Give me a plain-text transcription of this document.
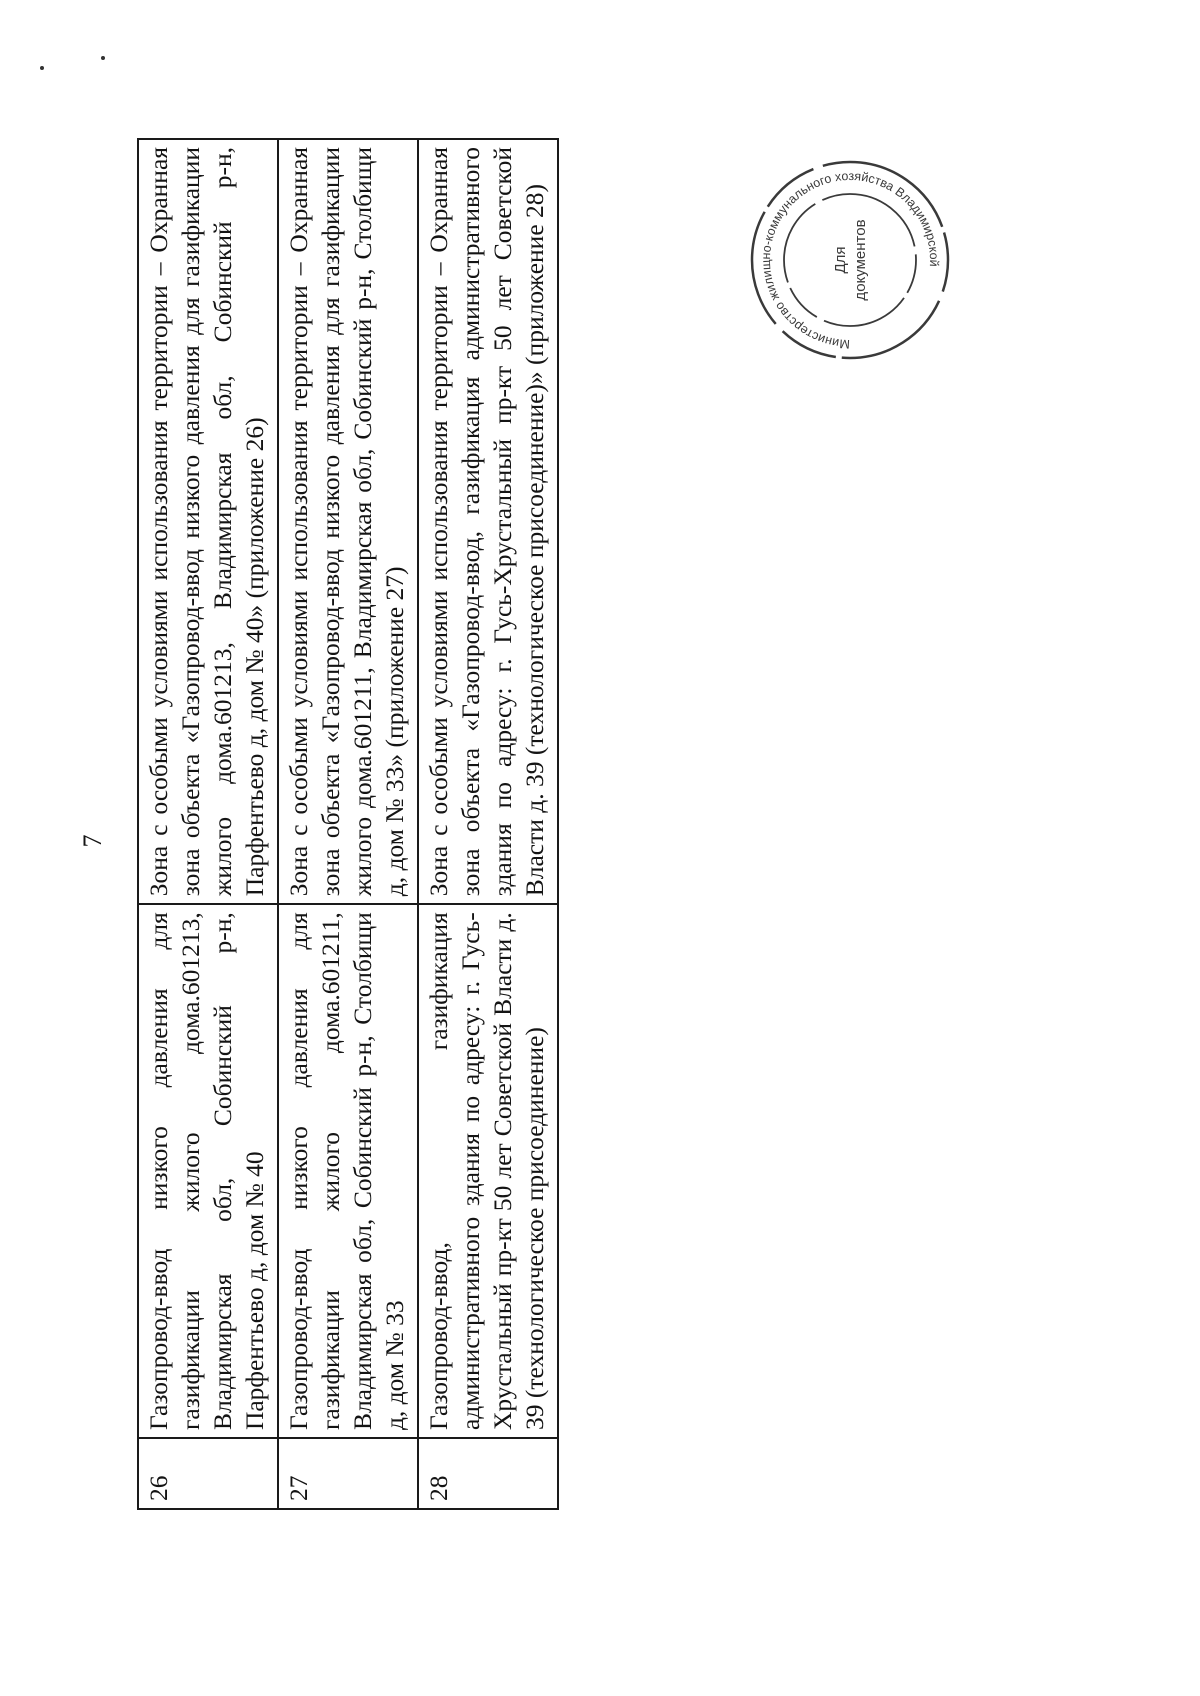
7
26	Газопровод-ввод низкого давления для газификации жилого дома.601213, Владимирская обл, Собинский р-н, Парфентьево д, дом № 40	Зона с особыми условиями использования территории – Охранная зона объекта «Газопровод-ввод низкого давления для газификации жилого дома.601213, Владимирская обл, Собинский р-н, Парфентьево д, дом № 40» (приложение 26)
27	Газопровод-ввод низкого давления для газификации жилого дома.601211, Владимирская обл, Собинский р-н, Столбищи д, дом № 33	Зона с особыми условиями использования территории – Охранная зона объекта «Газопровод-ввод низкого давления для газификации жилого дома.601211, Владимирская обл, Собинский р-н, Столбищи д, дом № 33» (приложение 27)
28	Газопровод-ввод, газификация административного здания по адресу: г. Гусь-Хрустальный пр-кт 50 лет Советской Власти д. 39 (технологическое присоединение)	Зона с особыми условиями использования территории – Охранная зона объекта «Газопровод-ввод, газификация административного здания по адресу: г. Гусь-Хрустальный пр-кт 50 лет Советской Власти д. 39 (технологическое присоединение)» (приложение 28)	Министерство жилищно-коммунального хозяйства Владимирской
Для документов
